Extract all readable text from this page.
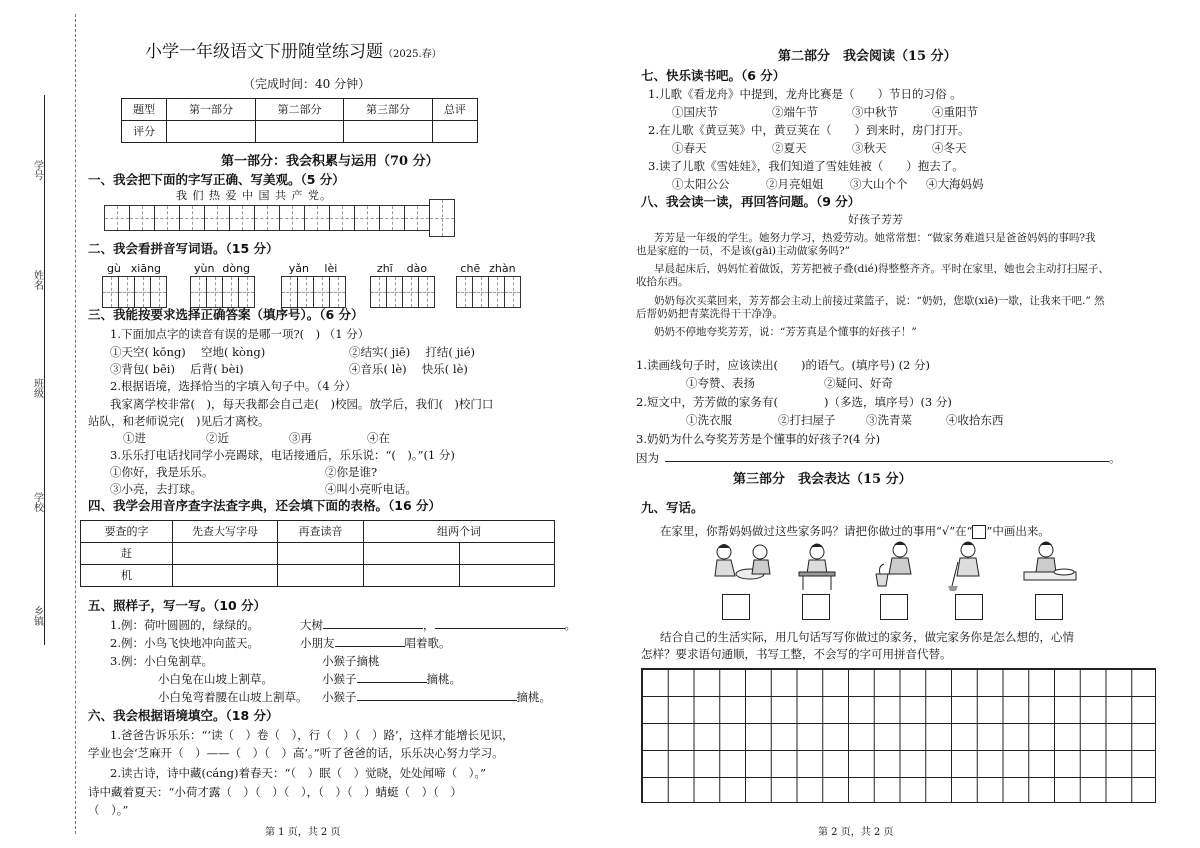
学号
姓名
班级
学校
乡镇
小学一年级语文下册随堂练习题（2025.春）
（完成时间：40 分钟）
题型	第一部分	第二部分	第三部分	总评
评分				
第一部分：我会积累与运用（70 分）
一、我会把下面的字写正确、写美观。（5 分）
我 们 热 爱 中 国 共 产 党。
二、我会看拼音写词语。（15 分）
gù xiāng	yùn dòng	yǎn lèi	zhī dào	chē zhàn
三、我能按要求选择正确答案（填序号）。（6 分）
1.下面加点字的读音有误的是哪一项?(　) （1 分）
①天空( kōng)　 空地( kòng)	②结实( jiē)　 打结( jié)
③背包( bēi)　 后背( bèi)	④音乐( lè)　 快乐( lè)
2.根据语境，选择恰当的字填入句子中。（4 分）
我家离学校非常(　)，每天我都会自己走(　)校园。放学后，我们(　)校门口
站队，和老师说完(　)见后才离校。
①进	②近	③再	④在
3.乐乐打电话找同学小亮踢球，电话接通后，乐乐说：“(　)。”(1 分)
①你好，我是乐乐。	②你是谁?
③小亮，去打球。	④叫小亮听电话。
四、我学会用音序查字法查字典，还会填下面的表格。（16 分）
要查的字	先查大写字母	再查读音	组两个词	
赶				
机				
五、照样子，写一写。（10 分）
1.例：荷叶圆圆的，绿绿的。	大树	，	。
2.例：小鸟飞快地冲向蓝天。	小朋友	唱着歌。
3.例：小白兔割草。	小猴子摘桃
小白兔在山坡上割草。	小猴子	摘桃。
小白兔弯着腰在山坡上割草。 小猴子	摘桃。
六、我会根据语境填空。（18 分）
1.爸爸告诉乐乐：“‘读（　）卷（　），行（　）（　）路’，这样才能增长见识，
学业也会‘芝麻开（　）——（　）（　）高’。”听了爸爸的话，乐乐决心努力学习。
2.读古诗，诗中藏(cáng)着春天：“（　）眠（　）觉晓，处处闻啼（　）。”
诗中藏着夏天：“小荷才露（　）（　）（　），（　）（　）蜻蜓（　）（　）
（　）。”
第 1 页，共 2 页
第二部分　我会阅读（15 分）
七、快乐读书吧。（6 分）
1.儿歌《看龙舟》中提到，龙舟比赛是（　　）节日的习俗 。
①国庆节	②端午节	③中秋节	④重阳节
2.在儿歌《黄豆荚》中，黄豆荚在（　　）到来时，房门打开。
①春天	②夏天	③秋天	④冬天
3.读了儿歌《雪娃娃》，我们知道了雪娃娃被（　　）抱去了。
①太阳公公	②月亮姐姐 ③大山个个 ④大海妈妈
八、我会读一读，再回答问题。（9 分）
好孩子芳芳
芳芳是一年级的学生。她努力学习，热爱劳动。她常常想：“做家务难道只是爸爸妈妈的事吗?我
也是家庭的一员，不是该(gāi)主动做家务吗?”
早晨起床后，妈妈忙着做饭，芳芳把被子叠(dié)得整整齐齐。平时在家里，她也会主动打扫屋子、
收拾东西。
奶奶每次买菜回来，芳芳都会主动上前接过菜篮子，说：“奶奶，您歇(xiē)一歇，让我来干吧.” 然
后帮奶奶把青菜洗得干干净净。
奶奶不停地夸奖芳芳，说：“芳芳真是个懂事的好孩子！”
1.读画线句子时，应该读出(　　)的语气。(填序号) (2 分)
①夸赞、表扬	②疑问、好奇
2.短文中，芳芳做的家务有(　　　　)（多选，填序号）(3 分)
①洗衣服	②打扫屋子	③洗青菜	④收拾东西
3.奶奶为什么夸奖芳芳是个懂事的好孩子?(4 分)
因为	。
第三部分　我会表达（15 分）
九、写话。
在家里，你帮妈妈做过这些家务吗？请把你做过的事用“√”在“ ”中画出来。
结合自己的生活实际，用几句话写写你做过的家务，做完家务你是怎么想的，心情
怎样？要求语句通顺，书写工整，不会写的字可用拼音代替。
第 2 页，共 2 页
